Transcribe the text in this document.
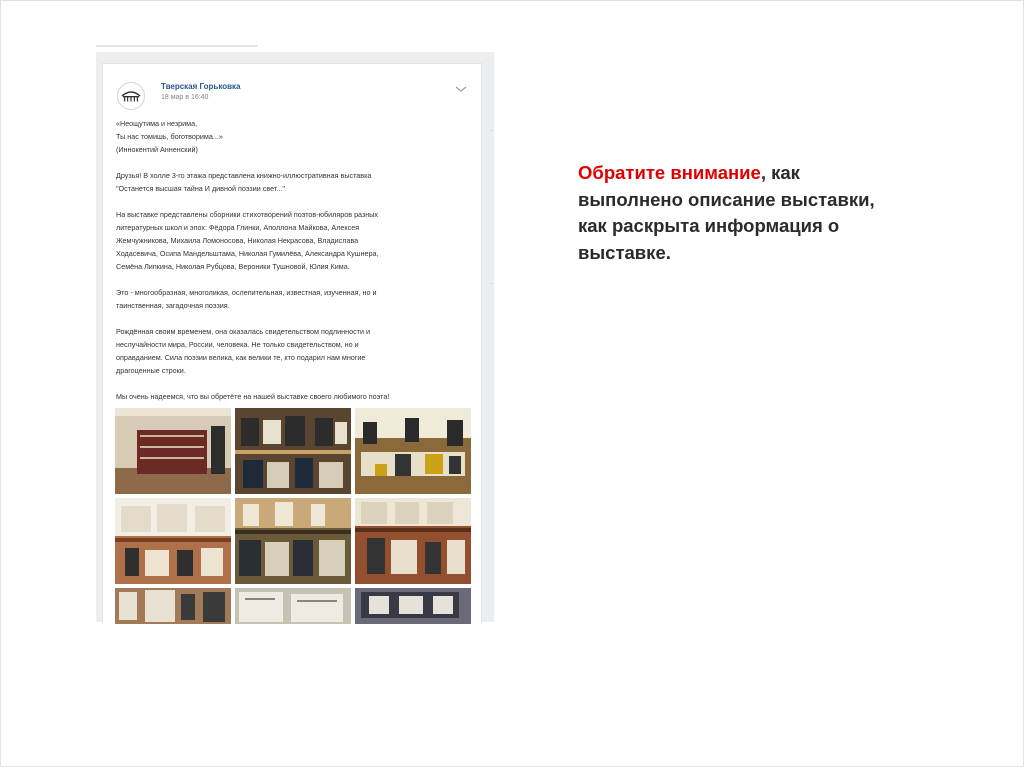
Тверская Горьковка
18 мар в 16:40

«Неощутима и незрима,
Ты нас томишь, боготворима...»
(Иннокентий Анненский)

Друзья! В холле 3-го этажа представлена книжно-иллюстративная выставка
"Останется высшая тайна И дивной поэзии свет..."

На выставке представлены сборники стихотворений поэтов-юбиляров разных
литературных школ и эпох: Фёдора Глинки, Аполлона Майкова, Алексея
Жемчужникова, Михаила Ломоносова, Николая Некрасова, Владислава
Ходасевича, Осипа Мандельштама, Николая Гумилёва, Александра Кушнера,
Семёна Липкина, Николая Рубцова, Вероники Тушновой, Юлия Кима.

Это - многообразная, многоликая, ослепительная, известная, изученная, но и
таинственная, загадочная поэзия.

Рождённая своим временем, она оказалась свидетельством подлинности и
неслучайности мира, России, человека. Не только свидетельством, но и
оправданием. Сила поэзии велика, как велики те, кто подарил нам многие
драгоценные строки.

Мы очень надеемся, что вы обретёте на нашей выставке своего любимого поэта!

Обратите внимание, как выполнено описание выставки, как раскрыта информация о выставке.
